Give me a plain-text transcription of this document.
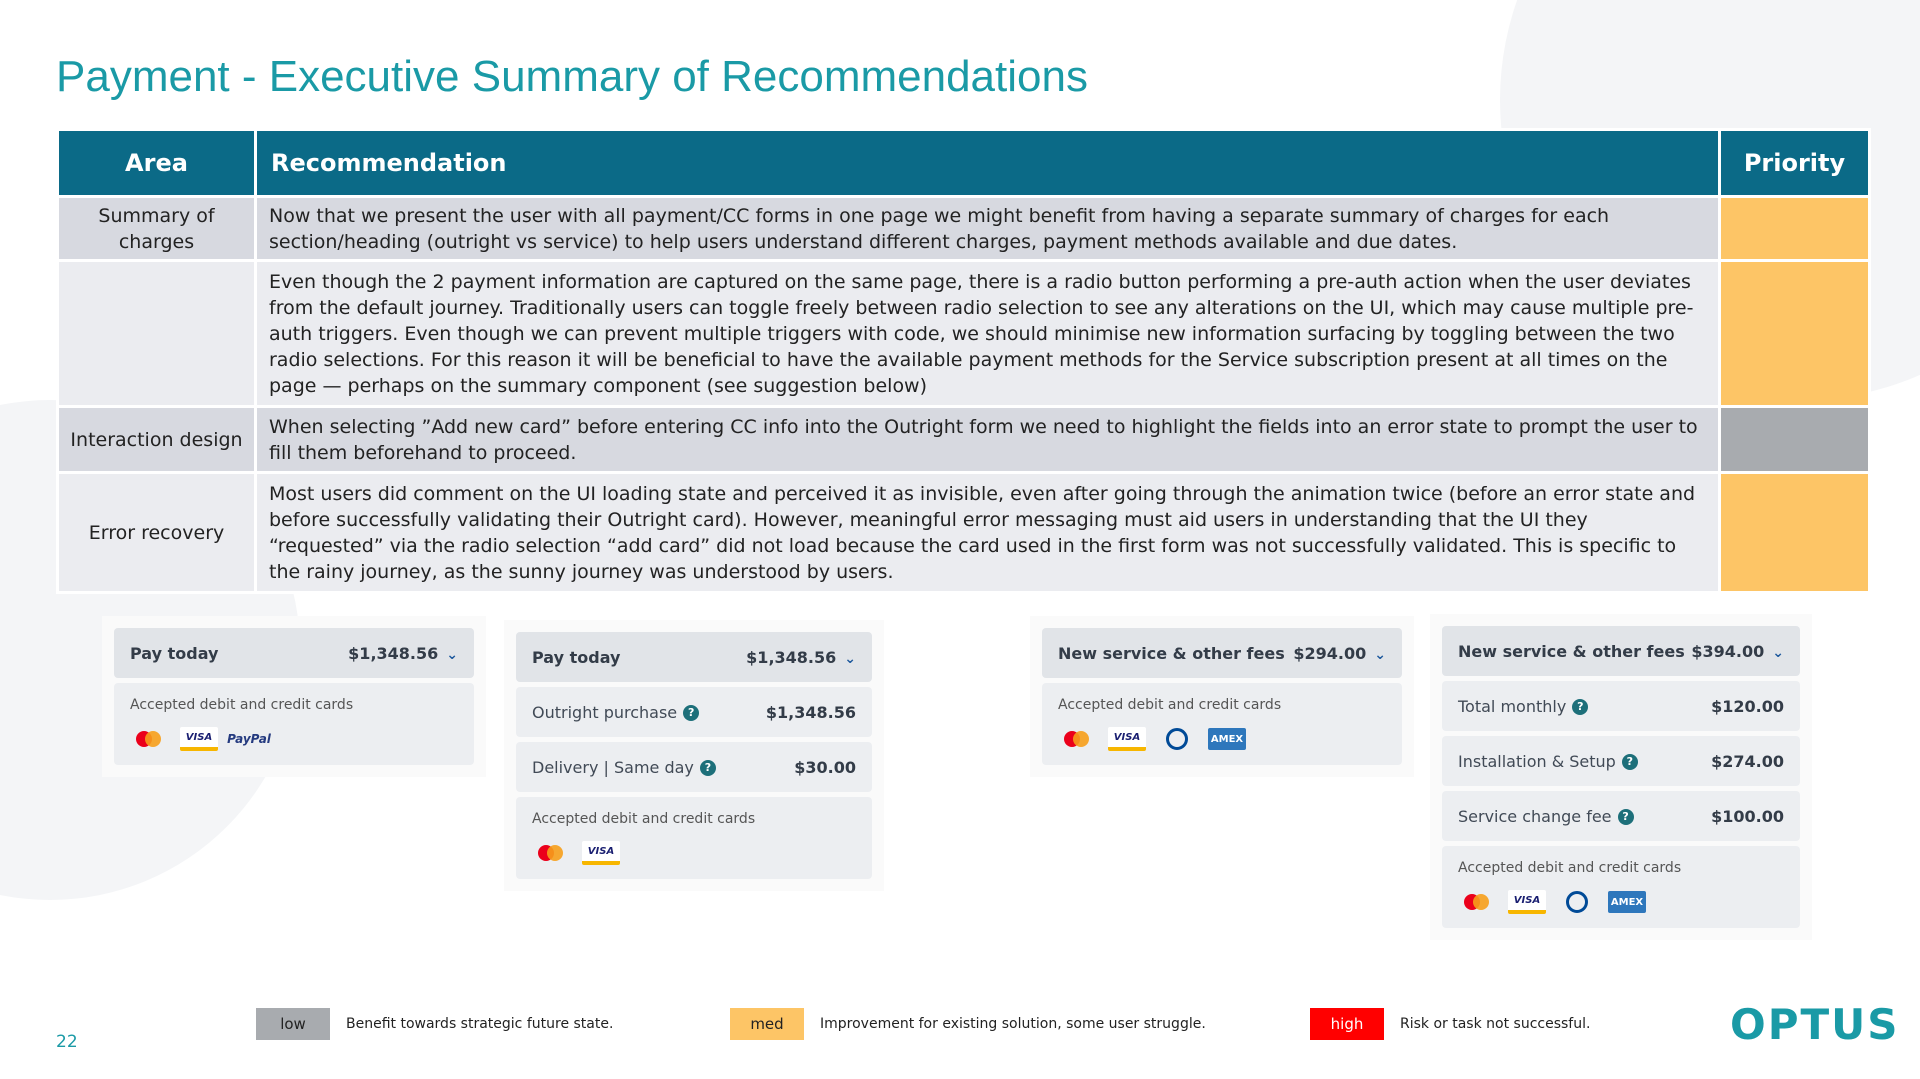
Payment - Executive Summary of Recommendations
Area	Recommendation	Priority
Summary of charges	Now that we present the user with all payment/CC forms in one page we might benefit from having a separate summary of charges for each section/heading (outright vs service) to help users understand different charges, payment methods available and due dates.	
	Even though the 2 payment information are captured on the same page, there is a radio button performing a pre-auth action when the user deviates from the default journey. Traditionally users can toggle freely between radio selection to see any alterations on the UI, which may cause multiple pre-auth triggers. Even though we can prevent multiple triggers with code, we should minimise new information surfacing by toggling between the two radio selections. For this reason it will be beneficial to have the available payment methods for the Service subscription present at all times on the page — perhaps on the summary component (see suggestion below)	
Interaction design	When selecting ”Add new card” before entering CC info into the Outright form we need to highlight the fields into an error state to prompt the user to fill them beforehand to proceed.	
Error recovery	Most users did comment on the UI loading state and perceived it as invisible, even after going through the animation twice (before an error state and before successfully validating their Outright card). However, meaningful error messaging must aid users in understanding that the UI they “requested” via the radio selection “add card” did not load because the card used in the first form was not successfully validated. This is specific to the rainy journey, as the sunny journey was understood by users.	
Pay today	$1,348.56 ⌄
Accepted debit and credit cards
VISA	PayPal
Pay today	$1,348.56 ⌄
Outright purchase ?	$1,348.56
Delivery | Same day ?	$30.00
Accepted debit and credit cards
VISA
New service & other fees $294.00 ⌄
Accepted debit and credit cards
VISA	AMEX
New service & other fees $394.00 ⌄
Total monthly ?	$120.00
Installation & Setup ?	$274.00
Service change fee ?	$100.00
Accepted debit and credit cards
VISA	AMEX
low	Benefit towards strategic future state.	med	Improvement for existing solution, some user struggle.	high	Risk or task not successful.
22	OPTUS
